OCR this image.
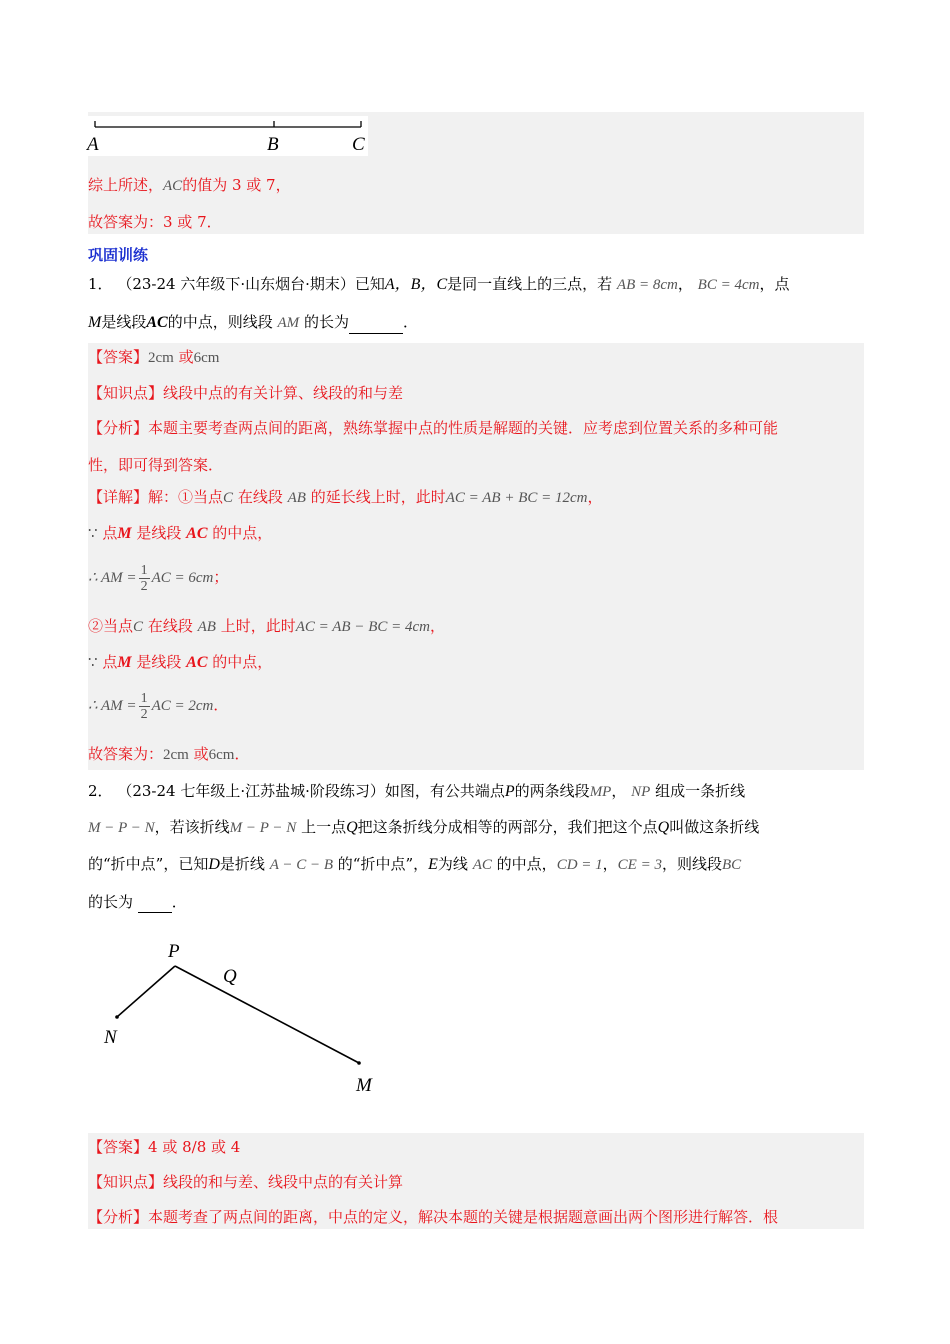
A	B	C
综上所述，AC的值为 3 或 7，
故答案为：3 或 7．
巩固训练
1． （23-24 六年级下·山东烟台·期末）已知A，B，C是同一直线上的三点，若 AB = 8cm， BC = 4cm，点
M是线段AC的中点，则线段 AM 的长为	．
【答案】2cm 或6cm
【知识点】线段中点的有关计算、线段的和与差
【分析】本题主要考查两点间的距离，熟练掌握中点的性质是解题的关键．应考虑到位置关系的多种可能
性，即可得到答案．
【详解】解：①当点C 在线段 AB 的延长线上时，此时AC = AB + BC = 12cm，
∵ 点M 是线段 AC 的中点，
∴ AM = $\frac{1}{2}$ AC = 6cm；
②当点C 在线段 AB 上时，此时AC = AB − BC = 4cm，
∵ 点M 是线段 AC 的中点，
∴ AM = $\frac{1}{2}$ AC = 2cm．
故答案为：2cm 或6cm．
2． （23-24 七年级上·江苏盐城·阶段练习）如图，有公共端点P的两条线段MP， NP 组成一条折线
M − P − N，若该折线M − P − N 上一点Q把这条折线分成相等的两部分，我们把这个点Q叫做这条折线
的“折中点”，已知D是折线 A − C − B 的“折中点”，E为线 AC 的中点，CD = 1，CE = 3，则线段BC
的长为	．
P
Q
N
M
【答案】4 或 8/8 或 4
【知识点】线段的和与差、线段中点的有关计算
【分析】本题考查了两点间的距离，中点的定义，解决本题的关键是根据题意画出两个图形进行解答．根
